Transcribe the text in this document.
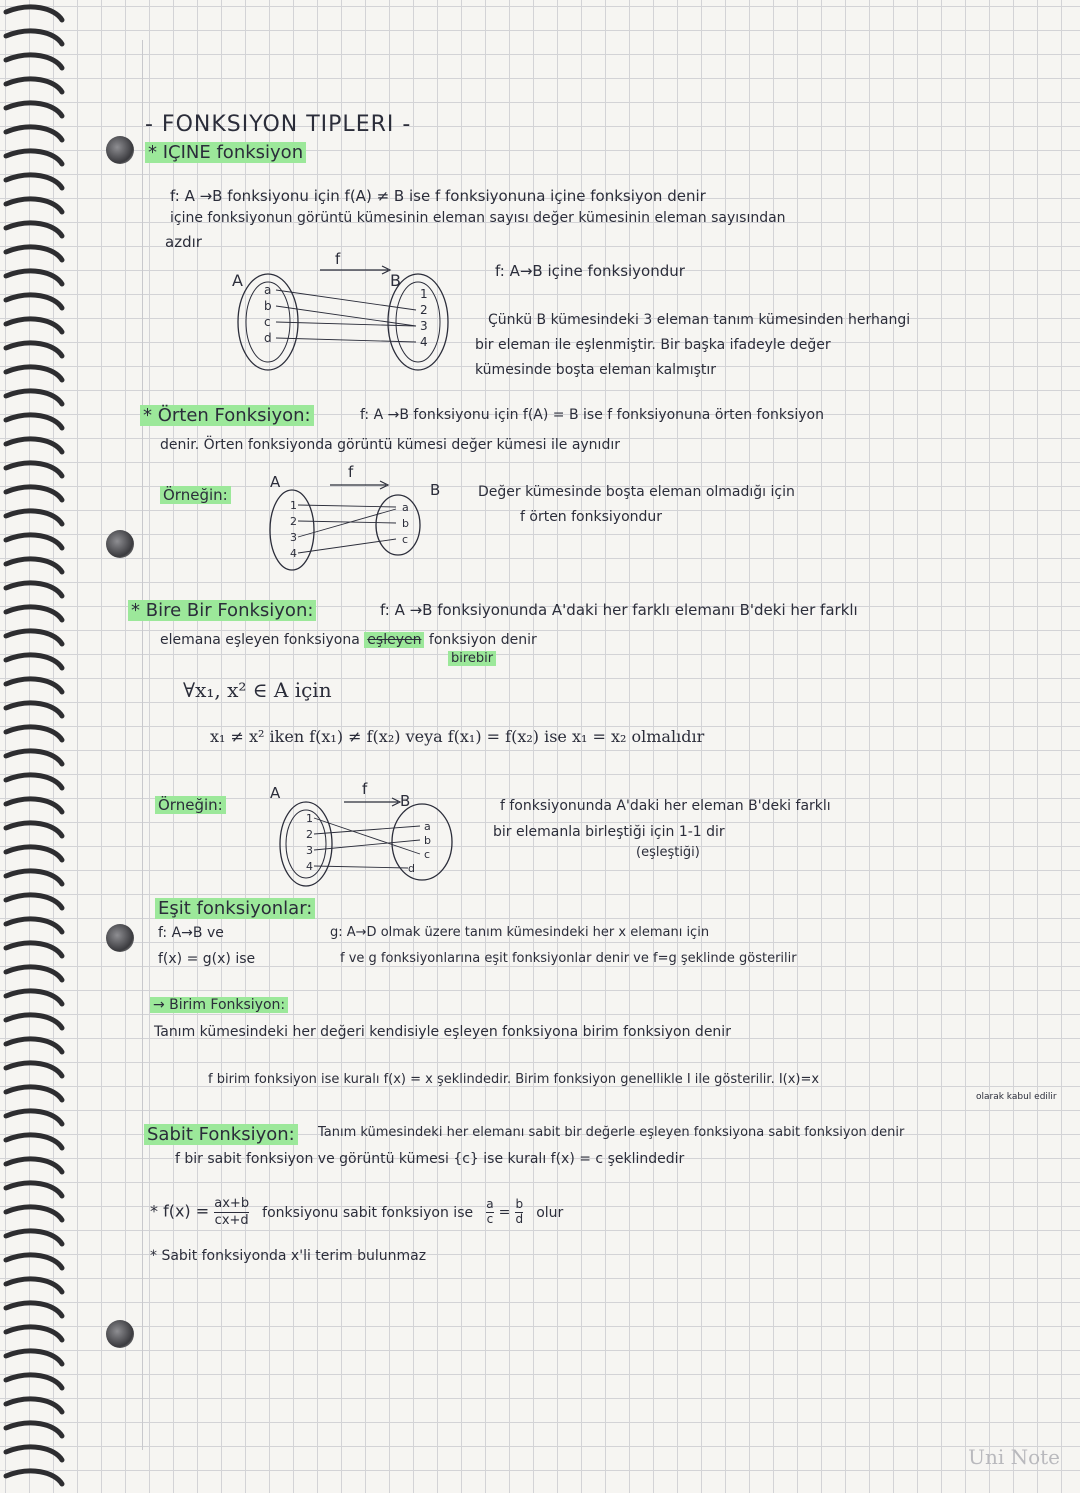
- FONKSIYON TIPLERI -
* IÇINE fonksiyon
f: A →B fonksiyonu için f(A) ≠ B ise f fonksiyonuna içine fonksiyon denir
içine fonksiyonun görüntü kümesinin eleman sayısı değer kümesinin eleman sayısından
azdır
A
f
B
a
b
c
d
1
2
3
4
f: A→B içine fonksiyondur
Çünkü B kümesindeki 3 eleman tanım kümesinden herhangi
bir eleman ile eşlenmiştir. Bir başka ifadeyle değer
kümesinde boşta eleman kalmıştır
* Örten Fonksiyon:	f: A →B fonksiyonu için f(A) = B ise f fonksiyonuna örten fonksiyon
denir. Örten fonksiyonda görüntü kümesi değer kümesi ile aynıdır
Örneğin:
A
f
B
1
2
3
4
a
b
c
Değer kümesinde boşta eleman olmadığı için
f örten fonksiyondur
* Bire Bir Fonksiyon:	f: A →B fonksiyonunda A'daki her farklı elemanı B'deki her farklı
elemana eşleyen fonksiyona eşleyen fonksiyon denir
birebir
∀x₁, x² ∈ A için
x₁ ≠ x² iken f(x₁) ≠ f(x₂) veya f(x₁) = f(x₂) ise x₁ = x₂ olmalıdır
Örneğin:
A	f
B
1
2
3
4
a
b
c
d
f fonksiyonunda A'daki her eleman B'deki farklı
bir elemanla birleştiği için 1-1 dir
(eşleştiği)
Eşit fonksiyonlar:
f: A→B ve
f(x) = g(x) ise
g: A→D olmak üzere tanım kümesindeki her x elemanı için
f ve g fonksiyonlarına eşit fonksiyonlar denir ve f=g şeklinde gösterilir
→ Birim Fonksiyon:
Tanım kümesindeki her değeri kendisiyle eşleyen fonksiyona birim fonksiyon denir
f birim fonksiyon ise kuralı f(x) = x şeklindedir. Birim fonksiyon genellikle I ile gösterilir. I(x)=x
olarak kabul edilir
Sabit Fonksiyon: Tanım kümesindeki her elemanı sabit bir değerle eşleyen fonksiyona sabit fonksiyon denir
f bir sabit fonksiyon ve görüntü kümesi {c} ise kuralı f(x) = c şeklindedir
* $f(x) = \frac{ax+b}{cx+d}$ fonksiyonu sabit fonksiyon ise $\frac{a}{c} = \frac{b}{d}$ olur
* Sabit fonksiyonda x'li terim bulunmaz
Uni Note
